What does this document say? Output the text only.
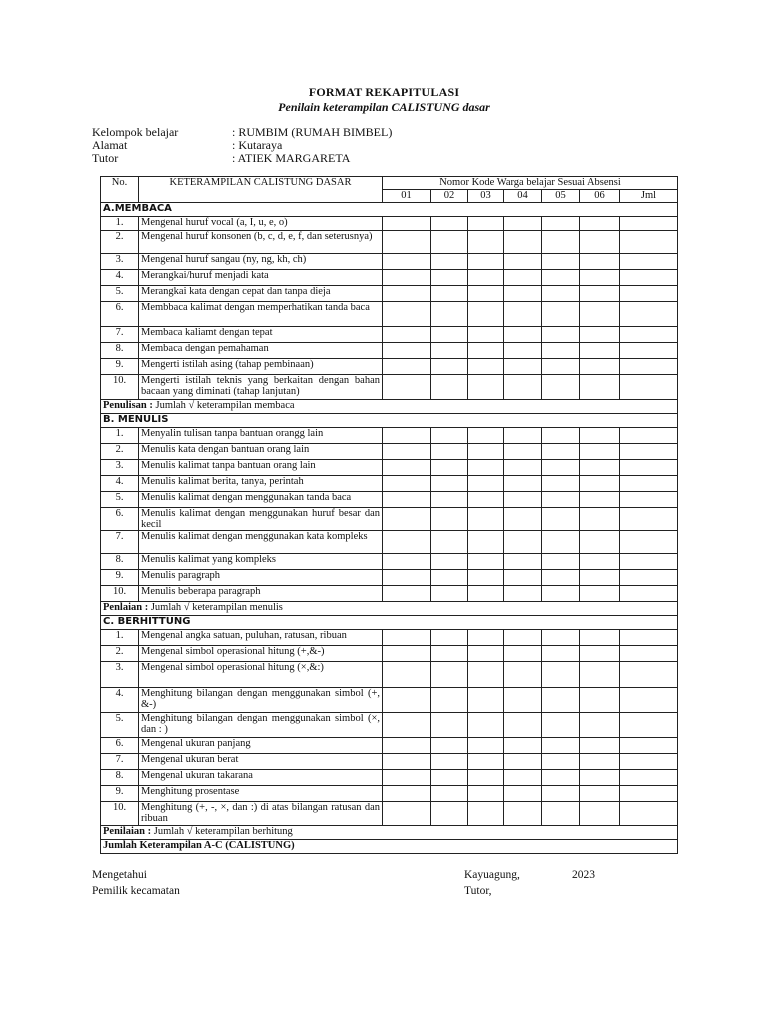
FORMAT REKAPITULASI
Penilain keterampilan CALISTUNG dasar
Kelompok belajar	: RUMBIM (RUMAH BIMBEL)
Alamat	: Kutaraya
Tutor	: ATIEK MARGARETA
No.	KETERAMPILAN CALISTUNG DASAR	Nomor Kode Warga belajar Sesuai Absensi						
		01	02	03	04	05	06	Jml
A.MEMBACA								
1.	Mengenal huruf vocal (a, I, u, e, o)							
2.	Mengenal huruf konsonen (b, c, d, e, f, dan seterusnya)							
3.	Mengenal huruf sangau (ny, ng, kh, ch)							
4.	Merangkai/huruf menjadi kata							
5.	Merangkai kata dengan cepat dan tanpa dieja							
6.	Membbaca kalimat dengan memperhatikan tanda baca							
7.	Membaca kaliamt dengan tepat							
8.	Membaca dengan pemahaman							
9.	Mengerti istilah asing (tahap pembinaan)							
10.	Mengerti istilah teknis yang berkaitan dengan bahan bacaan yang diminati (tahap lanjutan)							
Penulisan : Jumlah √ keterampilan membaca								
B. MENULIS								
1.	Menyalin tulisan tanpa bantuan orangg lain							
2.	Menulis kata dengan bantuan orang lain							
3.	Menulis kalimat tanpa bantuan orang lain							
4.	Menulis kalimat berita, tanya, perintah							
5.	Menulis kalimat dengan menggunakan tanda baca							
6.	Menulis kalimat dengan menggunakan huruf besar dan kecil							
7.	Menulis kalimat dengan menggunakan kata kompleks							
8.	Menulis kalimat yang kompleks							
9.	Menulis paragraph							
10.	Menulis beberapa paragraph							
Penlaian : Jumlah √ keterampilan menulis								
C. BERHITTUNG								
1.	Mengenal angka satuan, puluhan, ratusan, ribuan							
2.	Mengenal simbol operasional hitung (+,&-)							
3.	Mengenal simbol operasional hitung (×,&:)							
4.	Menghitung bilangan dengan menggunakan simbol (+, &-)							
5.	Menghitung bilangan dengan menggunakan simbol (×, dan : )							
6.	Mengenal ukuran panjang							
7.	Mengenal ukuran berat							
8.	Mengenal ukuran takarana							
9.	Menghitung prosentase							
10.	Menghitung (+, -, ×, dan :) di atas bilangan ratusan dan ribuan							
Penilaian : Jumlah √ keterampilan berhitung								
Jumlah Keterampilan A-C (CALISTUNG)								
Mengetahui
Pemilik kecamatan
Kayuagung,	2023
Tutor,
